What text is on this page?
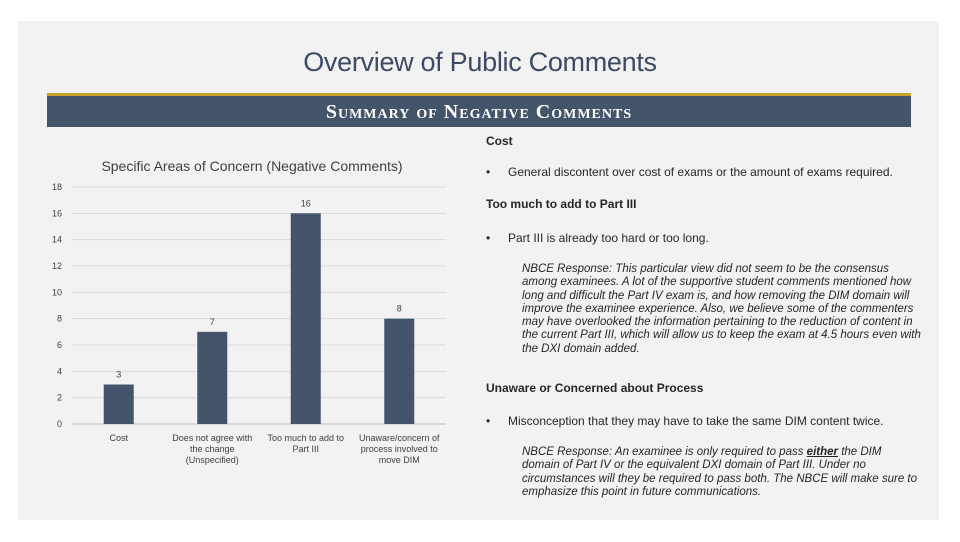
Overview of Public Comments
Summary of Negative Comments
Specific Areas of Concern (Negative Comments)
0
2
4
6
8
10
12
14
16
18
3
Cost
7
Does not agree with
the change
(Unspecified)
16
Too much to add to
Part III
8
Unaware/concern of
process involved to
move DIM
Cost
•	General discontent over cost of exams or the amount of exams required.
Too much to add to Part III
•	Part III is already too hard or too long.
NBCE Response: This particular view did not seem to be the consensus among examinees. A lot of the supportive student comments mentioned how long and difficult the Part IV exam is, and how removing the DIM domain will improve the examinee experience. Also, we believe some of the commenters may have overlooked the information pertaining to the reduction of content in the current Part III, which will allow us to keep the exam at 4.5 hours even with the DXI domain added.
Unaware or Concerned about Process
•	Misconception that they may have to take the same DIM content twice.
NBCE Response: An examinee is only required to pass either the DIM domain of Part IV or the equivalent DXI domain of Part III. Under no circumstances will they be required to pass both. The NBCE will make sure to emphasize this point in future communications.
